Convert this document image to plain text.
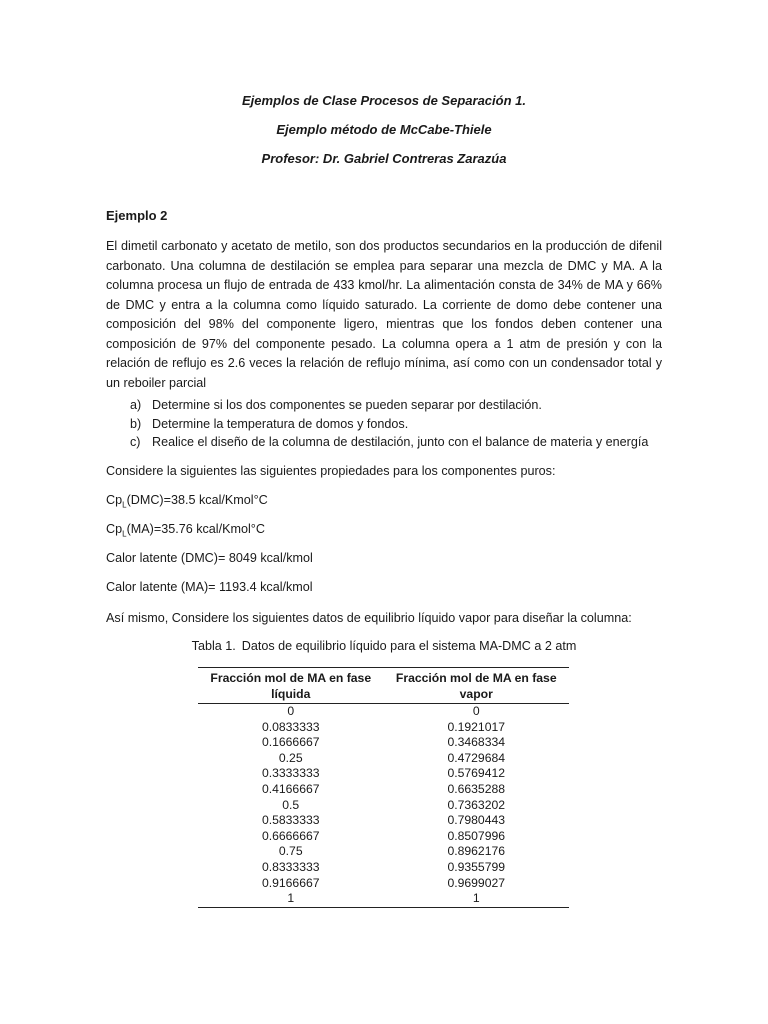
Ejemplos de Clase Procesos de Separación 1.
Ejemplo método de McCabe-Thiele
Profesor: Dr. Gabriel Contreras Zarazúa
Ejemplo 2
El dimetil carbonato y acetato de metilo, son dos productos secundarios en la producción de difenil carbonato. Una columna de destilación se emplea para separar una mezcla de DMC y MA. A la columna procesa un flujo de entrada de 433 kmol/hr. La alimentación consta de 34% de MA y 66% de DMC y entra a la columna como líquido saturado. La corriente de domo debe contener una composición del 98% del componente ligero, mientras que los fondos deben contener una composición de 97% del componente pesado. La columna opera a 1 atm de presión y con la relación de reflujo es 2.6 veces la relación de reflujo mínima, así como con un condensador total y un reboiler parcial
a) Determine si los dos componentes se pueden separar por destilación.
b) Determine la temperatura de domos y fondos.
c) Realice el diseño de la columna de destilación, junto con el balance de materia y energía
Considere la siguientes las siguientes propiedades para los componentes puros:
$Cp_L(DMC)=38.5$ kcal/Kmol°C
$Cp_L(MA)=35.76$ kcal/Kmol°C
Calor latente (DMC)= 8049 kcal/kmol
Calor latente (MA)= 1193.4 kcal/kmol
Así mismo, Considere los siguientes datos de equilibrio líquido vapor para diseñar la columna:
Tabla 1. Datos de equilibrio líquido para el sistema MA-DMC a 2 atm
Fracción mol de MA en fase líquida	Fracción mol de MA en fase vapor
0	0
0.0833333	0.1921017
0.1666667	0.3468334
0.25	0.4729684
0.3333333	0.5769412
0.4166667	0.6635288
0.5	0.7363202
0.5833333	0.7980443
0.6666667	0.8507996
0.75	0.8962176
0.8333333	0.9355799
0.9166667	0.9699027
1	1
